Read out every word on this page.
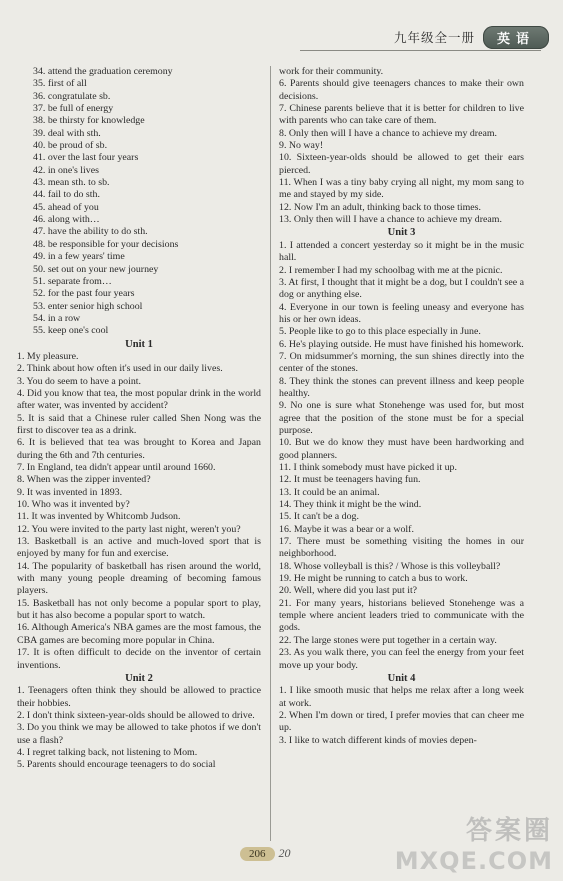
九年级全一册	英语
34. attend the graduation ceremony
35. first of all
36. congratulate sb.
37. be full of energy
38. be thirsty for knowledge
39. deal with sth.
40. be proud of sb.
41. over the last four years
42. in one's lives
43. mean sth. to sb.
44. fail to do sth.
45. ahead of you
46. along with…
47. have the ability to do sth.
48. be responsible for your decisions
49. in a few years' time
50. set out on your new journey
51. separate from…
52. for the past four years
53. enter senior high school
54. in a row
55. keep one's cool
Unit 1
1. My pleasure.
2. Think about how often it's used in our daily lives.
3. You do seem to have a point.
4. Did you know that tea, the most popular drink in the world after water, was invented by accident?
5. It is said that a Chinese ruler called Shen Nong was the first to discover tea as a drink.
6. It is believed that tea was brought to Korea and Japan during the 6th and 7th centuries.
7. In England, tea didn't appear until around 1660.
8. When was the zipper invented?
9. It was invented in 1893.
10. Who was it invented by?
11. It was invented by Whitcomb Judson.
12. You were invited to the party last night, weren't you?
13. Basketball is an active and much-loved sport that is enjoyed by many for fun and exercise.
14. The popularity of basketball has risen around the world, with many young people dreaming of becoming famous players.
15. Basketball has not only become a popular sport to play, but it has also become a popular sport to watch.
16. Although America's NBA games are the most famous, the CBA games are becoming more popular in China.
17. It is often difficult to decide on the inventor of certain inventions.
Unit 2
1. Teenagers often think they should be allowed to practice their hobbies.
2. I don't think sixteen-year-olds should be allowed to drive.
3. Do you think we may be allowed to take photos if we don't use a flash?
4. I regret talking back, not listening to Mom.
5. Parents should encourage teenagers to do social
work for their community.
6. Parents should give teenagers chances to make their own decisions.
7. Chinese parents believe that it is better for children to live with parents who can take care of them.
8. Only then will I have a chance to achieve my dream.
9. No way!
10. Sixteen-year-olds should be allowed to get their ears pierced.
11. When I was a tiny baby crying all night, my mom sang to me and stayed by my side.
12. Now I'm an adult, thinking back to those times.
13. Only then will I have a chance to achieve my dream.
Unit 3
1. I attended a concert yesterday so it might be in the music hall.
2. I remember I had my schoolbag with me at the picnic.
3. At first, I thought that it might be a dog, but I couldn't see a dog or anything else.
4. Everyone in our town is feeling uneasy and everyone has his or her own ideas.
5. People like to go to this place especially in June.
6. He's playing outside. He must have finished his homework.
7. On midsummer's morning, the sun shines directly into the center of the stones.
8. They think the stones can prevent illness and keep people healthy.
9. No one is sure what Stonehenge was used for, but most agree that the position of the stone must be for a special purpose.
10. But we do know they must have been hardworking and good planners.
11. I think somebody must have picked it up.
12. It must be teenagers having fun.
13. It could be an animal.
14. They think it might be the wind.
15. It can't be a dog.
16. Maybe it was a bear or a wolf.
17. There must be something visiting the homes in our neighborhood.
18. Whose volleyball is this? / Whose is this volleyball?
19. He might be running to catch a bus to work.
20. Well, where did you last put it?
21. For many years, historians believed Stonehenge was a temple where ancient leaders tried to communicate with the gods.
22. The large stones were put together in a certain way.
23. As you walk there, you can feel the energy from your feet move up your body.
Unit 4
1. I like smooth music that helps me relax after a long week at work.
2. When I'm down or tired, I prefer movies that can cheer me up.
3. I like to watch different kinds of movies depen-
206	20
答案圈
MXQE.COM
